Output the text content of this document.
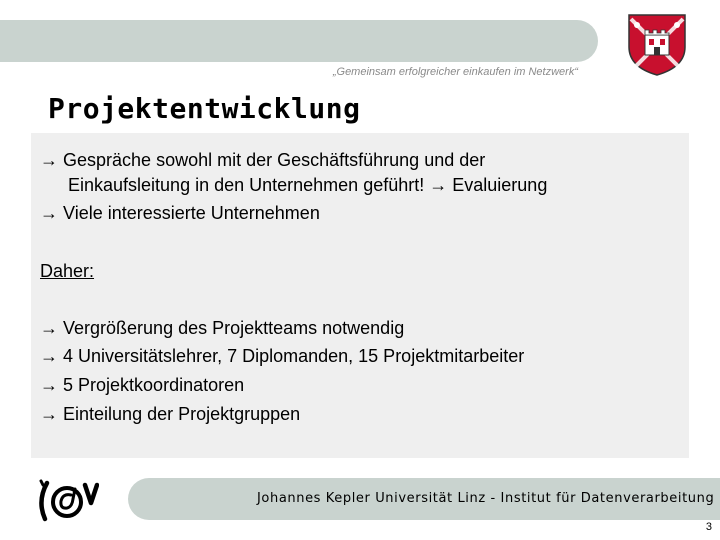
„Gemeinsam erfolgreicher einkaufen im Netzwerk“
Projektentwicklung
→ Gespräche sowohl mit der Geschäftsführung und der
Einkaufsleitung in den Unternehmen geführt! → Evaluierung
→ Viele interessierte Unternehmen
Daher:
→ Vergrößerung des Projektteams notwendig
→ 4 Universitätslehrer, 7 Diplomanden, 15 Projektmitarbeiter
→ 5 Projektkoordinatoren
→ Einteilung der Projektgruppen
Johannes Kepler Universität Linz - Institut für Datenverarbeitung
3
